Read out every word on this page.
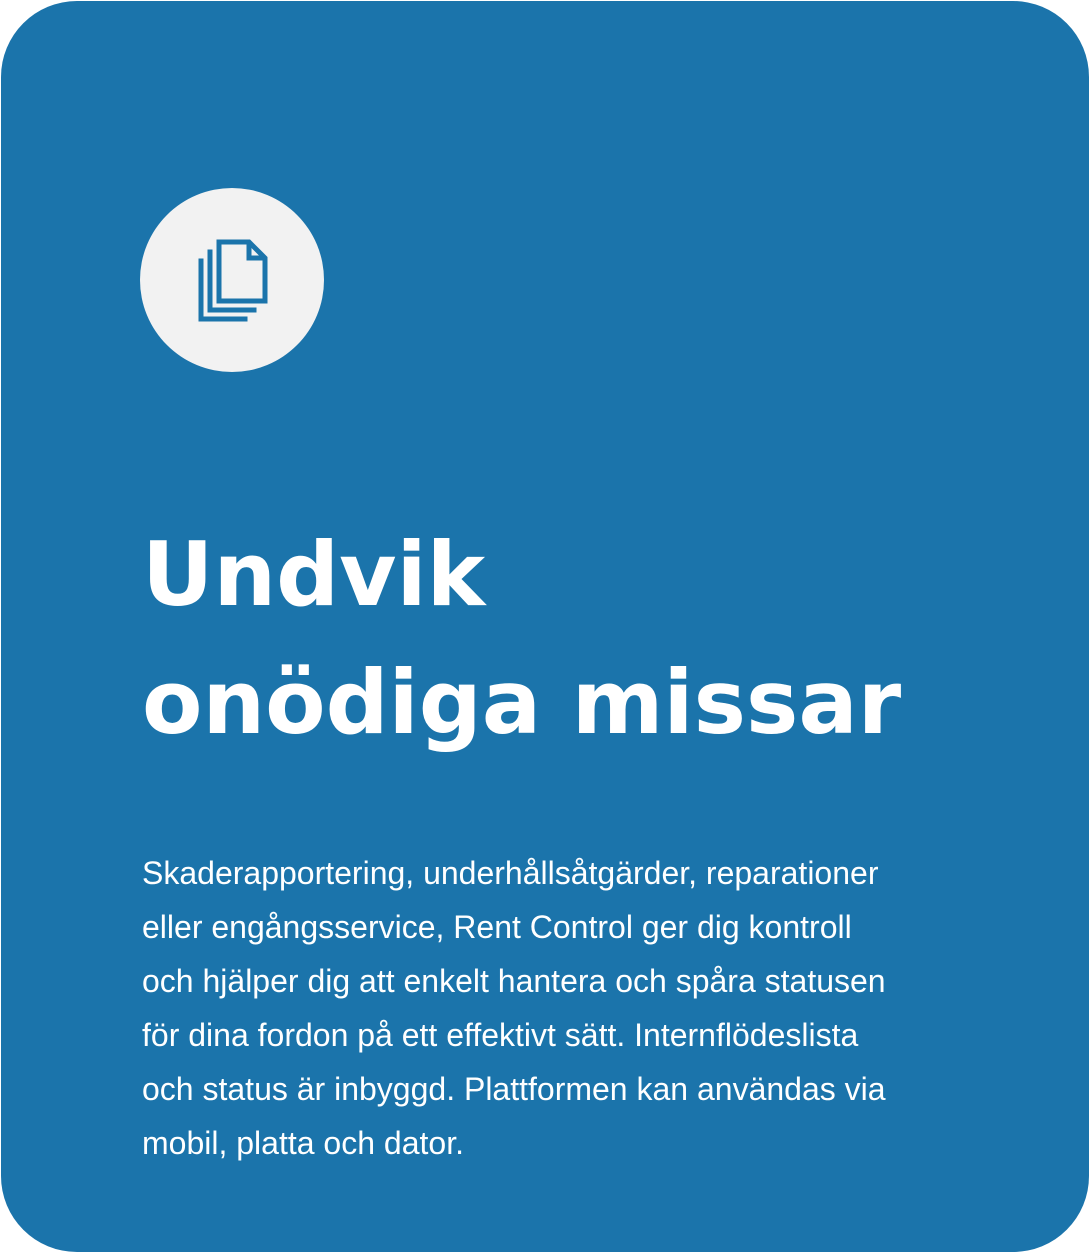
Undvik
onödiga missar

Skaderapportering, underhållsåtgärder, reparationer
eller engångsservice, Rent Control ger dig kontroll
och hjälper dig att enkelt hantera och spåra statusen
för dina fordon på ett effektivt sätt. Internflödeslista
och status är inbyggd. Plattformen kan användas via
mobil, platta och dator.
